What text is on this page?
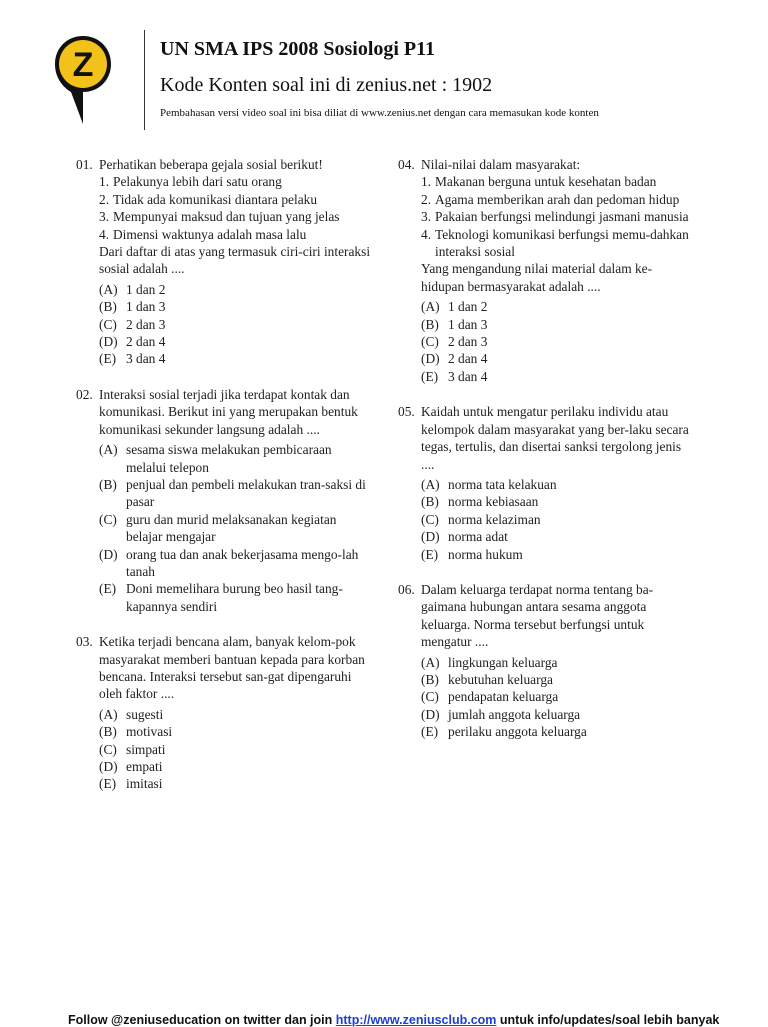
Z	UN SMA IPS 2008 Sosiologi P11
Kode Konten soal ini di zenius.net : 1902
Pembahasan versi video soal ini bisa diliat di www.zenius.net dengan cara memasukan kode konten
01. Perhatikan beberapa gejala sosial berikut!
1. Pelakunya lebih dari satu orang
2. Tidak ada komunikasi diantara pelaku
3. Mempunyai maksud dan tujuan yang jelas
4. Dimensi waktunya adalah masa lalu
Dari daftar di atas yang termasuk ciri-ciri interaksi sosial adalah ....
(A) 1 dan 2
(B) 1 dan 3
(C) 2 dan 3
(D) 2 dan 4
(E) 3 dan 4
02. Interaksi sosial terjadi jika terdapat kontak dan komunikasi. Berikut ini yang merupakan bentuk komunikasi sekunder langsung adalah ....
(A) sesama siswa melakukan pembicaraan melalui telepon
(B) penjual dan pembeli melakukan tran-saksi di pasar
(C) guru dan murid melaksanakan kegiatan belajar mengajar
(D) orang tua dan anak bekerjasama mengo-lah tanah
(E) Doni memelihara burung beo hasil tang-kapannya sendiri
03. Ketika terjadi bencana alam, banyak kelom-pok masyarakat memberi bantuan kepada para korban bencana. Interaksi tersebut san-gat dipengaruhi oleh faktor ....
(A) sugesti
(B) motivasi
(C) simpati
(D) empati
(E) imitasi
04. Nilai-nilai dalam masyarakat:
1. Makanan berguna untuk kesehatan badan
2. Agama memberikan arah dan pedoman hidup
3. Pakaian berfungsi melindungi jasmani manusia
4. Teknologi komunikasi berfungsi memu-dahkan interaksi sosial
Yang mengandung nilai material dalam ke-hidupan bermasyarakat adalah ....
(A) 1 dan 2
(B) 1 dan 3
(C) 2 dan 3
(D) 2 dan 4
(E) 3 dan 4
05. Kaidah untuk mengatur perilaku individu atau kelompok dalam masyarakat yang ber-laku secara tegas, tertulis, dan disertai sanksi tergolong jenis ....
(A) norma tata kelakuan
(B) norma kebiasaan
(C) norma kelaziman
(D) norma adat
(E) norma hukum
06. Dalam keluarga terdapat norma tentang ba-gaimana hubungan antara sesama anggota keluarga. Norma tersebut berfungsi untuk mengatur ....
(A) lingkungan keluarga
(B) kebutuhan keluarga
(C) pendapatan keluarga
(D) jumlah anggota keluarga
(E) perilaku anggota keluarga
Follow @zeniuseducation on twitter dan join http://www.zeniusclub.com untuk info/updates/soal lebih banyak
